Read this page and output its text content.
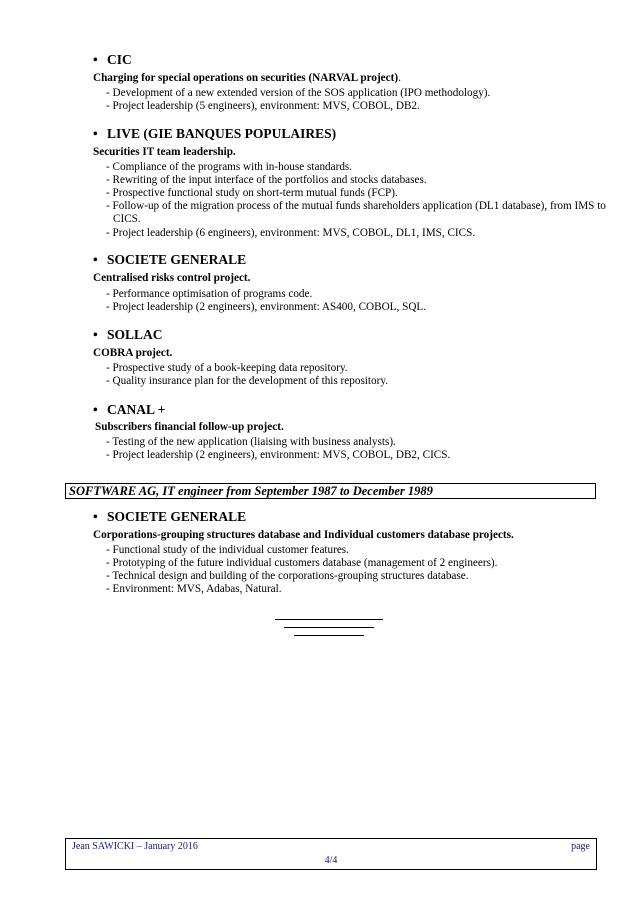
• CIC
Charging for special operations on securities (NARVAL project).
- Development of a new extended version of the SOS application (IPO methodology).
- Project leadership (5 engineers), environment: MVS, COBOL, DB2.
• LIVE (GIE BANQUES POPULAIRES)
Securities IT team leadership.
- Compliance of the programs with in-house standards.
- Rewriting of the input interface of the portfolios and stocks databases.
- Prospective functional study on short-term mutual funds (FCP).
- Follow-up of the migration process of the mutual funds shareholders application (DL1 database), from IMS to CICS.
- Project leadership (6 engineers), environment: MVS, COBOL, DL1, IMS, CICS.
• SOCIETE GENERALE
Centralised risks control project.
- Performance optimisation of programs code.
- Project leadership (2 engineers), environment: AS400, COBOL, SQL.
• SOLLAC
COBRA project.
- Prospective study of a book-keeping data repository.
- Quality insurance plan for the development of this repository.
• CANAL +
Subscribers financial follow-up project.
- Testing of the new application (liaising with business analysts).
- Project leadership (2 engineers), environment: MVS, COBOL, DB2, CICS.
SOFTWARE AG, IT engineer from September 1987 to December 1989
• SOCIETE GENERALE
Corporations-grouping structures database and Individual customers database projects.
- Functional study of the individual customer features.
- Prototyping of the future individual customers database (management of 2 engineers).
- Technical design and building of the corporations-grouping structures database.
- Environment: MVS, Adabas, Natural.
Jean SAWICKI – January 2016	page
4/4
